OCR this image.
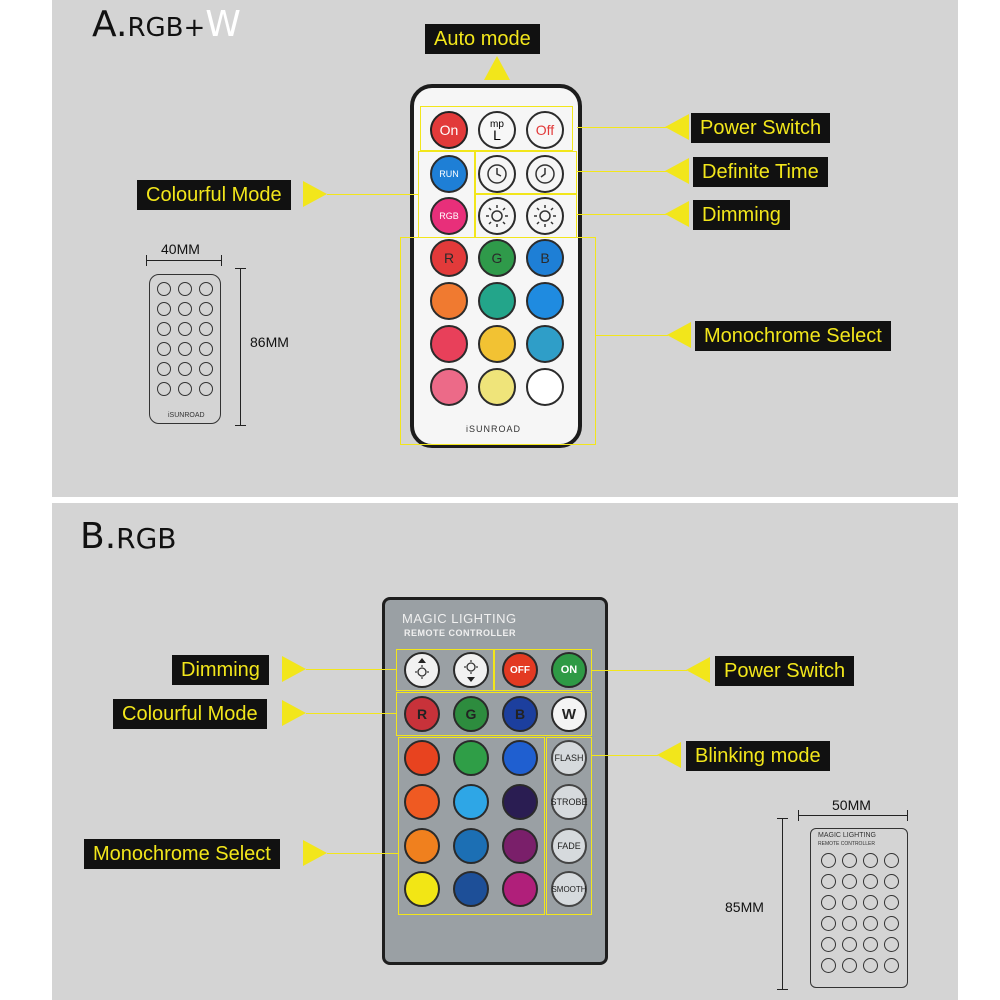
A.RGB+W	Auto mode
On	mp
L Off
RUN
RGB
R	G	B
iSUNROAD
Power Switch
Definite Time
Dimming
Monochrome Select
Colourful Mode
40MM
86MM
iSUNROAD
B.RGB
MAGIC LIGHTING
REMOTE CONTROLLER
OFF	ON
R	G	B W
FLASH
STROBE
FADE
SMOOTH
Dimming
Colourful Mode
Monochrome Select
Power Switch
Blinking mode
50MM
85MM
MAGIC LIGHTING
REMOTE CONTROLLER
